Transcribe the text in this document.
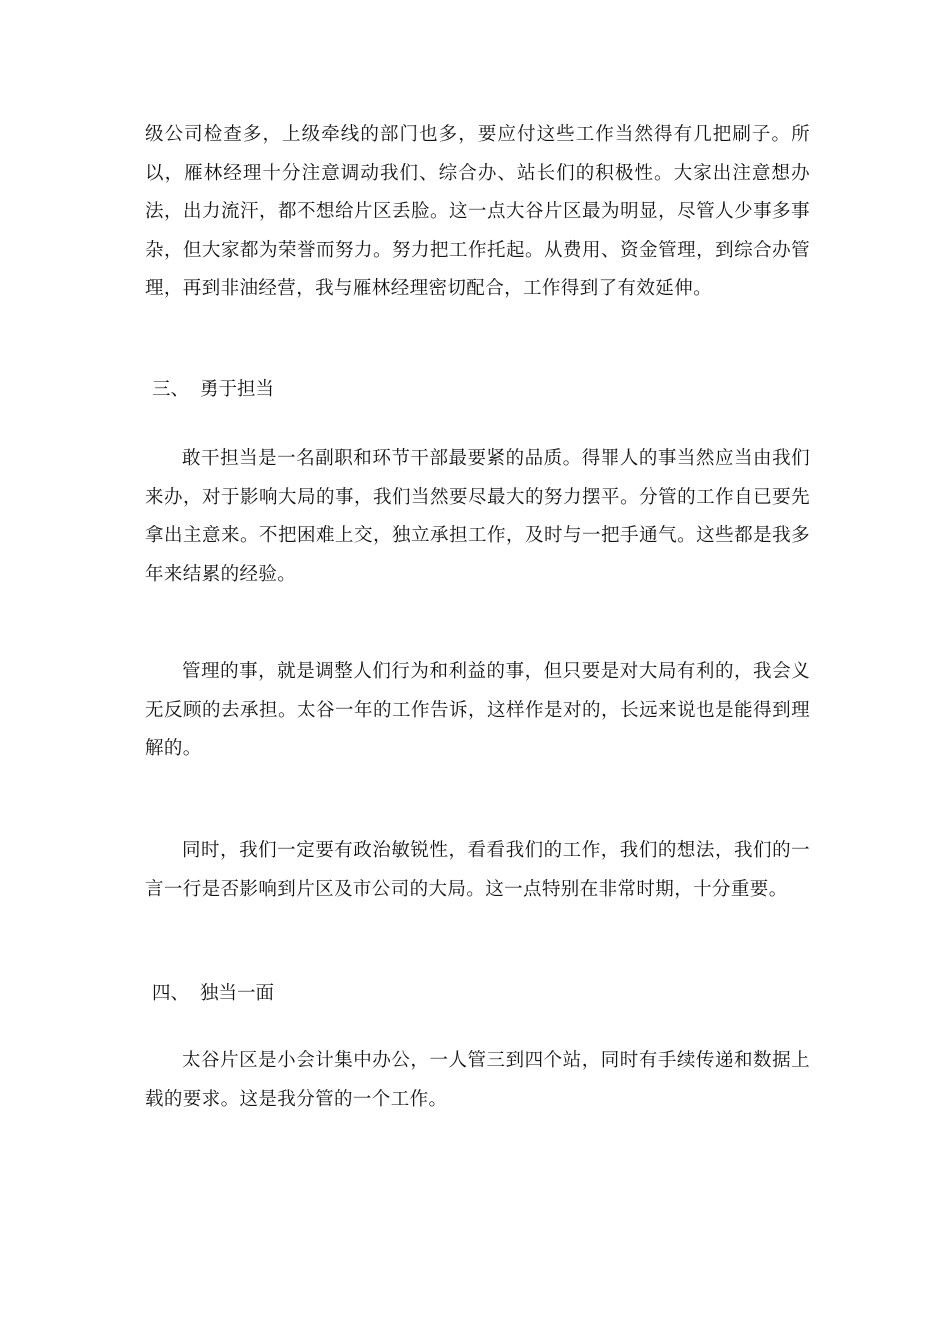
级公司检查多，上级牵线的部门也多，要应付这些工作当然得有几把刷子。所以，雁林经理十分注意调动我们、综合办、站长们的积极性。大家出注意想办法，出力流汗，都不想给片区丢脸。这一点大谷片区最为明显，尽管人少事多事杂，但大家都为荣誉而努力。努力把工作托起。从费用、资金管理，到综合办管理，再到非油经营，我与雁林经理密切配合，工作得到了有效延伸。

三、 勇于担当

敢干担当是一名副职和环节干部最要紧的品质。得罪人的事当然应当由我们来办，对于影响大局的事，我们当然要尽最大的努力摆平。分管的工作自已要先拿出主意来。不把困难上交，独立承担工作，及时与一把手通气。这些都是我多年来结累的经验。

管理的事，就是调整人们行为和利益的事，但只要是对大局有利的，我会义无反顾的去承担。太谷一年的工作告诉，这样作是对的，长远来说也是能得到理解的。

同时，我们一定要有政治敏锐性，看看我们的工作，我们的想法，我们的一言一行是否影响到片区及市公司的大局。这一点特别在非常时期，十分重要。

四、 独当一面

太谷片区是小会计集中办公，一人管三到四个站，同时有手续传递和数据上载的要求。这是我分管的一个工作。
